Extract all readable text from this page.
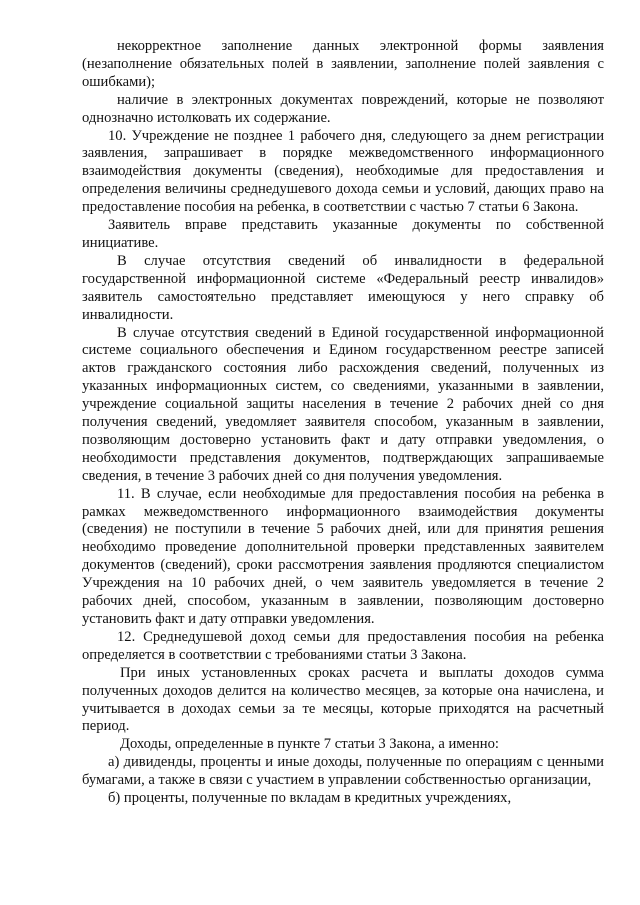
некорректное заполнение данных электронной формы заявления (незаполнение обязательных полей в заявлении, заполнение полей заявления с ошибками);

наличие в электронных документах повреждений, которые не позволяют однозначно истолковать их содержание.

10. Учреждение не позднее 1 рабочего дня, следующего за днем регистрации заявления, запрашивает в порядке межведомственного информационного взаимодействия документы (сведения), необходимые для предоставления и определения величины среднедушевого дохода семьи и условий, дающих право на предоставление пособия на ребенка, в соответствии с частью 7 статьи 6 Закона.

Заявитель вправе представить указанные документы по собственной инициативе.

В случае отсутствия сведений об инвалидности в федеральной государственной информационной системе «Федеральный реестр инвалидов» заявитель самостоятельно представляет имеющуюся у него справку об инвалидности.

В случае отсутствия сведений в Единой государственной информационной системе социального обеспечения и Едином государственном реестре записей актов гражданского состояния либо расхождения сведений, полученных из указанных информационных систем, со сведениями, указанными в заявлении, учреждение социальной защиты населения в течение 2 рабочих дней со дня получения сведений, уведомляет заявителя способом, указанным в заявлении, позволяющим достоверно установить факт и дату отправки уведомления, о необходимости представления документов, подтверждающих запрашиваемые сведения, в течение 3 рабочих дней со дня получения уведомления.

11. В случае, если необходимые для предоставления пособия на ребенка в рамках межведомственного информационного взаимодействия документы (сведения) не поступили в течение 5 рабочих дней, или для принятия решения необходимо проведение дополнительной проверки представленных заявителем документов (сведений), сроки рассмотрения заявления продляются специалистом Учреждения на 10 рабочих дней, о чем заявитель уведомляется в течение 2 рабочих дней, способом, указанным в заявлении, позволяющим достоверно установить факт и дату отправки уведомления.

12. Среднедушевой доход семьи для предоставления пособия на ребенка определяется в соответствии с требованиями статьи 3 Закона.

При иных установленных сроках расчета и выплаты доходов сумма полученных доходов делится на количество месяцев, за которые она начислена, и учитывается в доходах семьи за те месяцы, которые приходятся на расчетный период.

Доходы, определенные в пункте 7 статьи 3 Закона, а именно:

а) дивиденды, проценты и иные доходы, полученные по операциям с ценными бумагами, а также в связи с участием в управлении собственностью организации,

б) проценты, полученные по вкладам в кредитных учреждениях,
